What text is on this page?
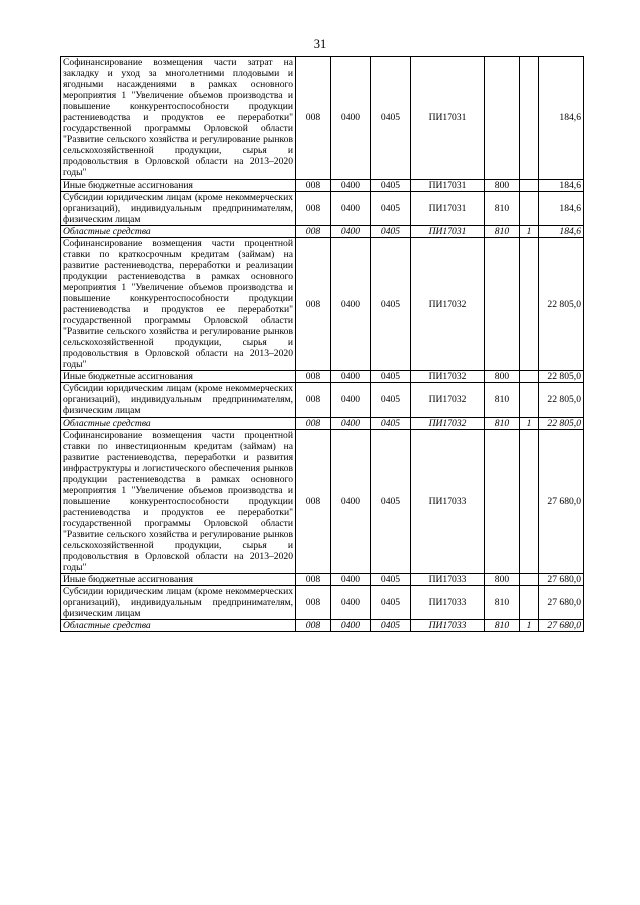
31
Софинансирование возмещения части затрат на закладку и уход за многолетними плодовыми и ягодными насаждениями в рамках основного мероприятия 1 "Увеличение объемов производства и повышение конкурентоспособности продукции растениеводства и продуктов ее переработки" государственной программы Орловской области "Развитие сельского хозяйства и регулирование рынков сельскохозяйственной продукции, сырья и продовольствия в Орловской области на 2013–2020 годы"	008	0400	0405	ПИ17031			184,6
Иные бюджетные ассигнования	008	0400	0405	ПИ17031	800		184,6
Субсидии юридическим лицам (кроме некоммерческих организаций), индивидуальным предпринимателям, физическим лицам	008	0400	0405	ПИ17031	810		184,6
Областные средства	008	0400	0405	ПИ17031	810	1	184,6
Софинансирование возмещения части процентной ставки по краткосрочным кредитам (займам) на развитие растениеводства, переработки и реализации продукции растениеводства в рамках основного мероприятия 1 "Увеличение объемов производства и повышение конкурентоспособности продукции растениеводства и продуктов ее переработки" государственной программы Орловской области "Развитие сельского хозяйства и регулирование рынков сельскохозяйственной продукции, сырья и продовольствия в Орловской области на 2013–2020 годы"	008	0400	0405	ПИ17032			22 805,0
Иные бюджетные ассигнования	008	0400	0405	ПИ17032	800		22 805,0
Субсидии юридическим лицам (кроме некоммерческих организаций), индивидуальным предпринимателям, физическим лицам	008	0400	0405	ПИ17032	810		22 805,0
Областные средства	008	0400	0405	ПИ17032	810	1	22 805,0
Софинансирование возмещения части процентной ставки по инвестиционным кредитам (займам) на развитие растениеводства, переработки и развития инфраструктуры и логистического обеспечения рынков продукции растениеводства в рамках основного мероприятия 1 "Увеличение объемов производства и повышение конкурентоспособности продукции растениеводства и продуктов ее переработки" государственной программы Орловской области "Развитие сельского хозяйства и регулирование рынков сельскохозяйственной продукции, сырья и продовольствия в Орловской области на 2013–2020 годы"	008	0400	0405	ПИ17033			27 680,0
Иные бюджетные ассигнования	008	0400	0405	ПИ17033	800		27 680,0
Субсидии юридическим лицам (кроме некоммерческих организаций), индивидуальным предпринимателям, физическим лицам	008	0400	0405	ПИ17033	810		27 680,0
Областные средства	008	0400	0405	ПИ17033	810	1	27 680,0
